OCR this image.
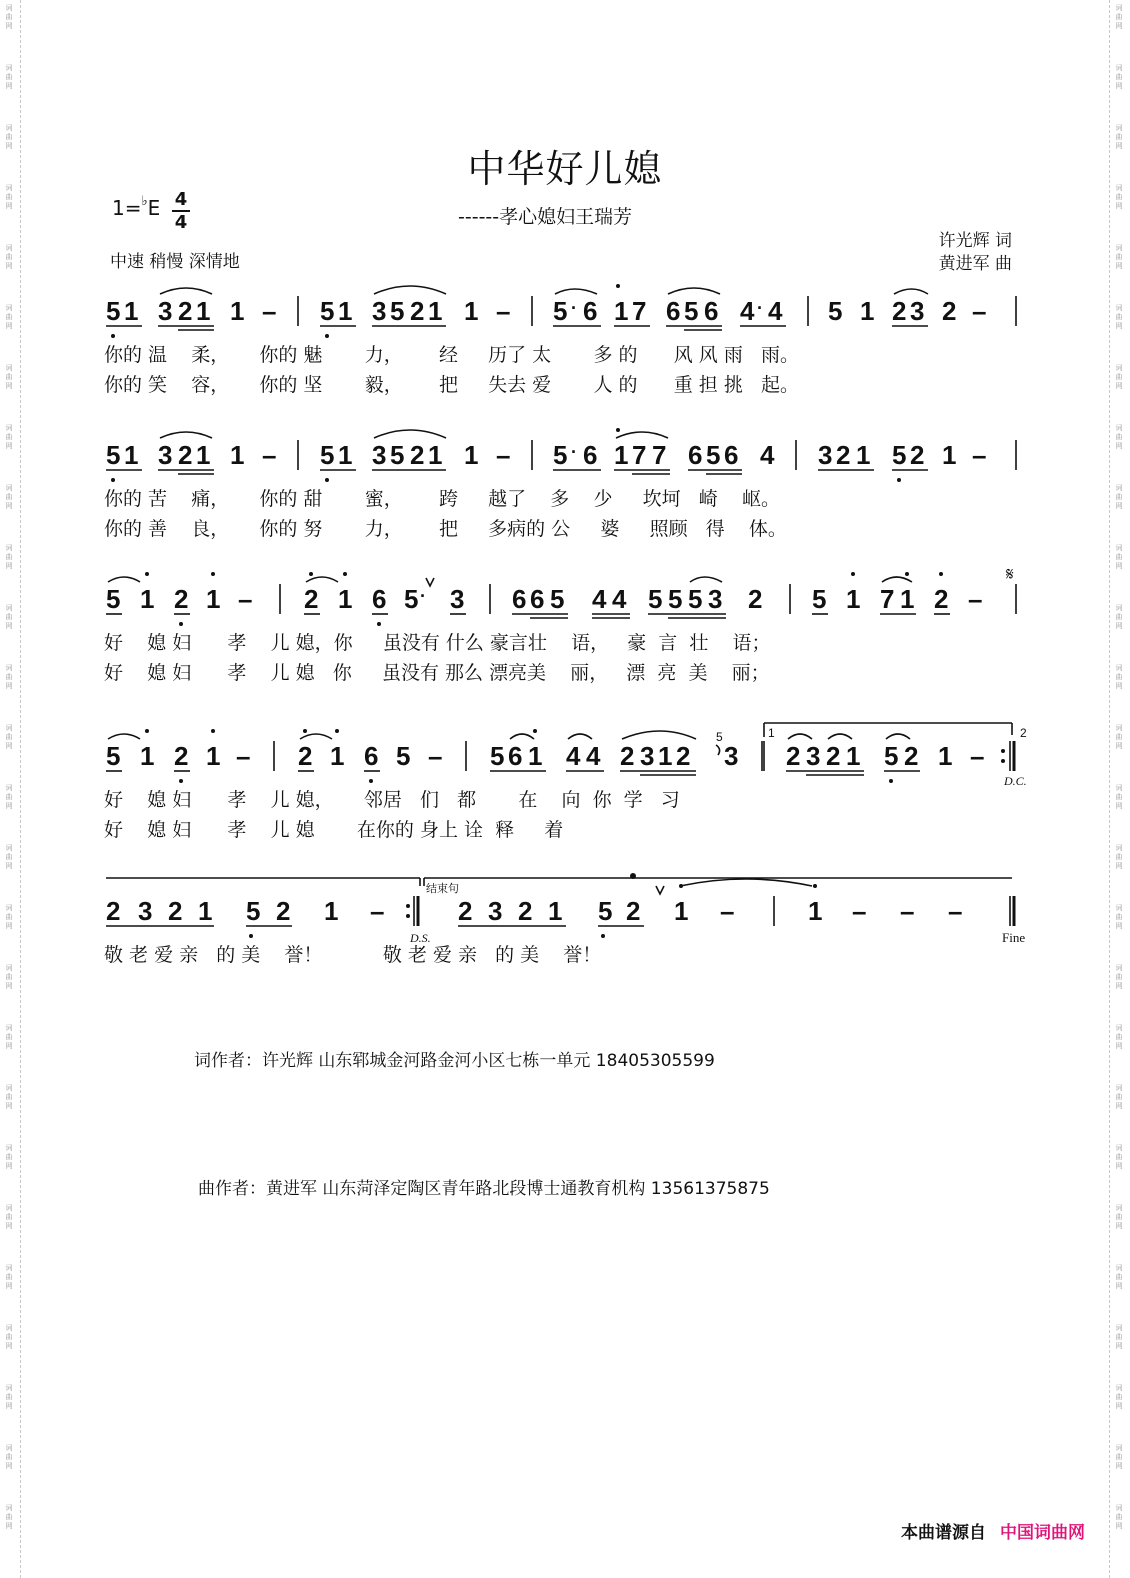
词
曲
网
词
曲
网
词
曲
网
词
曲
网
词
曲
网
词
曲
网
词
曲
网
词
曲
网
词
曲
网
词
曲
网
词
曲
网
词
曲
网
词
曲
网
词
曲
网
词
曲
网
词
曲
网
词
曲
网
词
曲
网
词
曲
网
词
曲
网
词
曲
网
词
曲
网
词
曲
网
词
曲
网
词
曲
网
词
曲
网
词
曲
网
词
曲
网
词
曲
网
词
曲
网
词
曲
网
词
曲
网
词
曲
网
词
曲
网
词
曲
网
词
曲
网
词
曲
网
词
曲
网
词
曲
网
词
曲
网
词
曲
网
词
曲
网
词
曲
网
词
曲
网
词
曲
网
词
曲
网
词
曲
网
词
曲
网
词
曲
网
词
曲
网
词
曲
网
词
曲
网
中华好儿媳
------孝心媳妇王瑞芳
1=♭E 4
4
中速 稍慢 深情地
许光辉 词
黄进军 曲
5 1 3 2 1 1 – 5 1 3 5 2 1 1 – 5 · 6 1 7 6 5 6 4 · 4 5 1 2 3 2 –
你的 温    柔，     你的 魅       力，      经     历了 太       多 的      风 风 雨   雨。
你的 笑    容，     你的 坚       毅，      把     失去 爱       人 的      重 担 挑   起。
5 1 3 2 1 1 – 5 1 3 5 2 1 1 – 5 · 6 1 7 7 6 5 6 4 3 2 1 5 2 1 –
你的 苦    痛，     你的 甜       蜜，      跨     越了    多    少     坎坷   崎    岖。
你的 善    良，     你的 努       力，      把     多病的 公     婆     照顾   得    体。
5 1 2 1 – 2 1 6 5 · 3 6 6 5 4 4 5 5 5 3 2 5 1 7 1 2 –
𝄋
好    媳 妇      孝    儿 媳，你     虽没有 什么 豪言壮    语，   豪  言  壮    语；
好    媳 妇      孝    儿 媳   你     虽没有 那么 漂亮美    丽，   漂  亮  美    丽；
5 1 2 1 – 2 1 6 5 – 5 6 1 4 4 2 3 1 2 3 2 3 2 1 5 2 1 –
5	1	2
D.C.
好    媳 妇      孝    儿 媳，     邻居   们   都       在    向  你  学   习
好    媳 妇      孝    儿 媳       在你的 身上 诠  释     着
2 3 2 1 5 2 1 –	2 3 2 1 5 2 1 –	1 – – –
结束句
D.S.	Fine
敬 老 爱 亲   的 美    誉！          敬 老 爱 亲   的 美    誉！
词作者：许光辉 山东郓城金河路金河小区七栋一单元 18405305599
曲作者：黄进军 山东菏泽定陶区青年路北段博士通教育机构 13561375875
本曲谱源自 中国词曲网
